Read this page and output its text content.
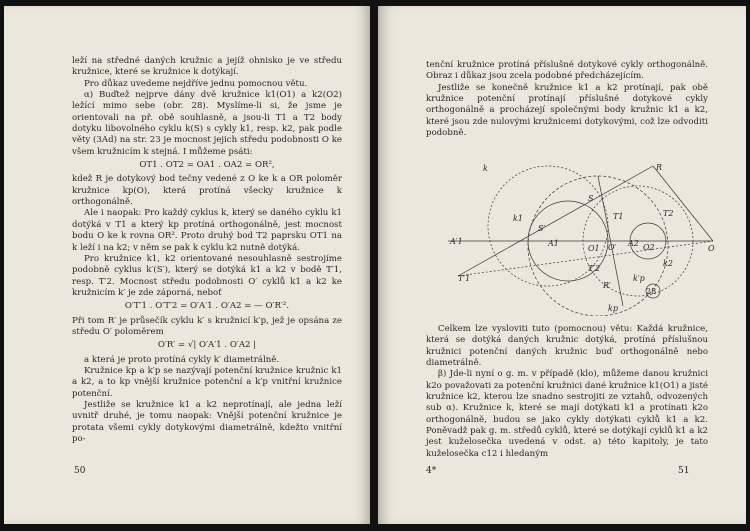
leží na středné daných kružnic a jejíž ohnisko je ve středu kružnice, které se kružnice k dotýkají.

Pro důkaz uvedeme nejdříve jednu pomocnou větu.

α) Buďtež nejprve dány dvě kružnice k1(O1) a k2(O2) ležící mimo sebe (obr. 28). Myslíme-li si, že jsme je orientovali na př. obě souhlasně, a jsou-li T1 a T2 body dotyku libovolného cyklu k(S) s cykly k1, resp. k2, pak podle věty (3Ad) na str. 23 je mocnost jejich středu podobnosti O ke všem kružnicím k stejná. I můžeme psáti:

OT1 . OT2 = OA1 . OA2 = OR²,

kdež R je dotykový bod tečny vedené z O ke k a OR poloměr kružnice kp(O), která protíná všecky kružnice k orthogonálně.

Ale i naopak: Pro každý cyklus k, který se daného cyklu k1 dotýká v T1 a který kp protíná orthogonálně, jest mocnost bodu O ke k rovna OR². Proto druhý bod T2 paprsku OT1 na k leží i na k2; v něm se pak k cyklu k2 nutně dotýká.

Pro kružnice k1, k2 orientované nesouhlasně sestrojíme podobně cyklus k′(S′), který se dotýká k1 a k2 v bodě T′1, resp. T′2. Mocnost středu podobnosti O′ cyklů k1 a k2 ke kružnicím k′ je zde záporná, neboť

O′T′1 . O′T′2 = O′A′1 . O′A2 = — O′R′².

Při tom R′ je průsečík cyklu k′ s kružnicí k′p, jež je opsána ze středu O′ poloměrem

O′R′ = √| O′A′1 . O′A2 |

a která je proto protíná cykly k′ diametrálně.

Kružnice kp a k′p se nazývají potenční kružnice kružnic k1 a k2, a to kp vnější kružnice potenční a k′p vnitřní kružnice potenční.

Jestliže se kružnice k1 a k2 neprotínají, ale jedna leží uvnitř druhé, je tomu naopak: Vnější potenční kružnice je protata všemi cykly dotykovými diametrálně, kdežto vnitřní po-

50

tenční kružnice protíná příslušné dotykové cykly orthogonálně. Obraz i důkaz jsou zcela podobné předcházejícím.

Jestliže se konečně kružnice k1 a k2 protínají, pak obě kružnice potenční protínají příslušné dotykové cykly orthogonálně a procházejí společnými body kružnic k1 a k2, které jsou zde nulovými kružnicemi dotykovými, což lze odvoditi podobně.

k	R
S
S′
A′1	A1	A2
O′	O
O1	O2
T1	T2
T′1
T′2
k1
k2
kp
k′p
R′
28

Celkem lze vysloviti tuto (pomocnou) větu: Každá kružnice, která se dotýká daných kružnic dotýká, protíná příslušnou kružnici potenční daných kružnic buď orthogonálně nebo diametrálně.

β) Jde-li nyní o g. m. v případě (klo), můžeme danou kružnici k2o považovati za potenční kružnici dané kružnice k1(O1) a jisté kružnice k2, kterou lze snadno sestrojiti ze vztahů, odvozených sub α). Kružnice k, které se mají dotýkati k1 a protínati k2o orthogonálně, budou se jako cykly dotýkati cyklů k1 a k2. Poněvadž pak g. m. středů cyklů, které se dotýkají cyklů k1 a k2 jest kuželosečka uvedená v odst. a) této kapitoly, je tato kuželosečka c12 i hledaným

4*	51
